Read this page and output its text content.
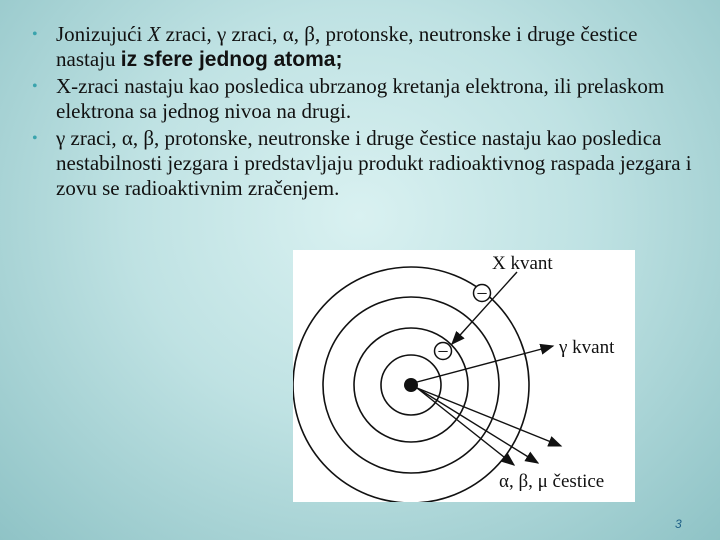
• Jonizujući X zraci, γ zraci, α, β, protonske, neutronske i druge čestice nastaju iz sfere jednog atoma;
• X-zraci nastaju kao posledica ubrzanog kretanja elektrona, ili prelaskom elektrona sa jednog nivoa na drugi.
• γ zraci, α, β, protonske, neutronske i druge čestice nastaju kao posledica nestabilnosti jezgara i predstavljaju produkt radioaktivnog raspada jezgara i zovu se radioaktivnim zračenjem.
−
−
X kvant
γ kvant
α, β, μ čestice
3
